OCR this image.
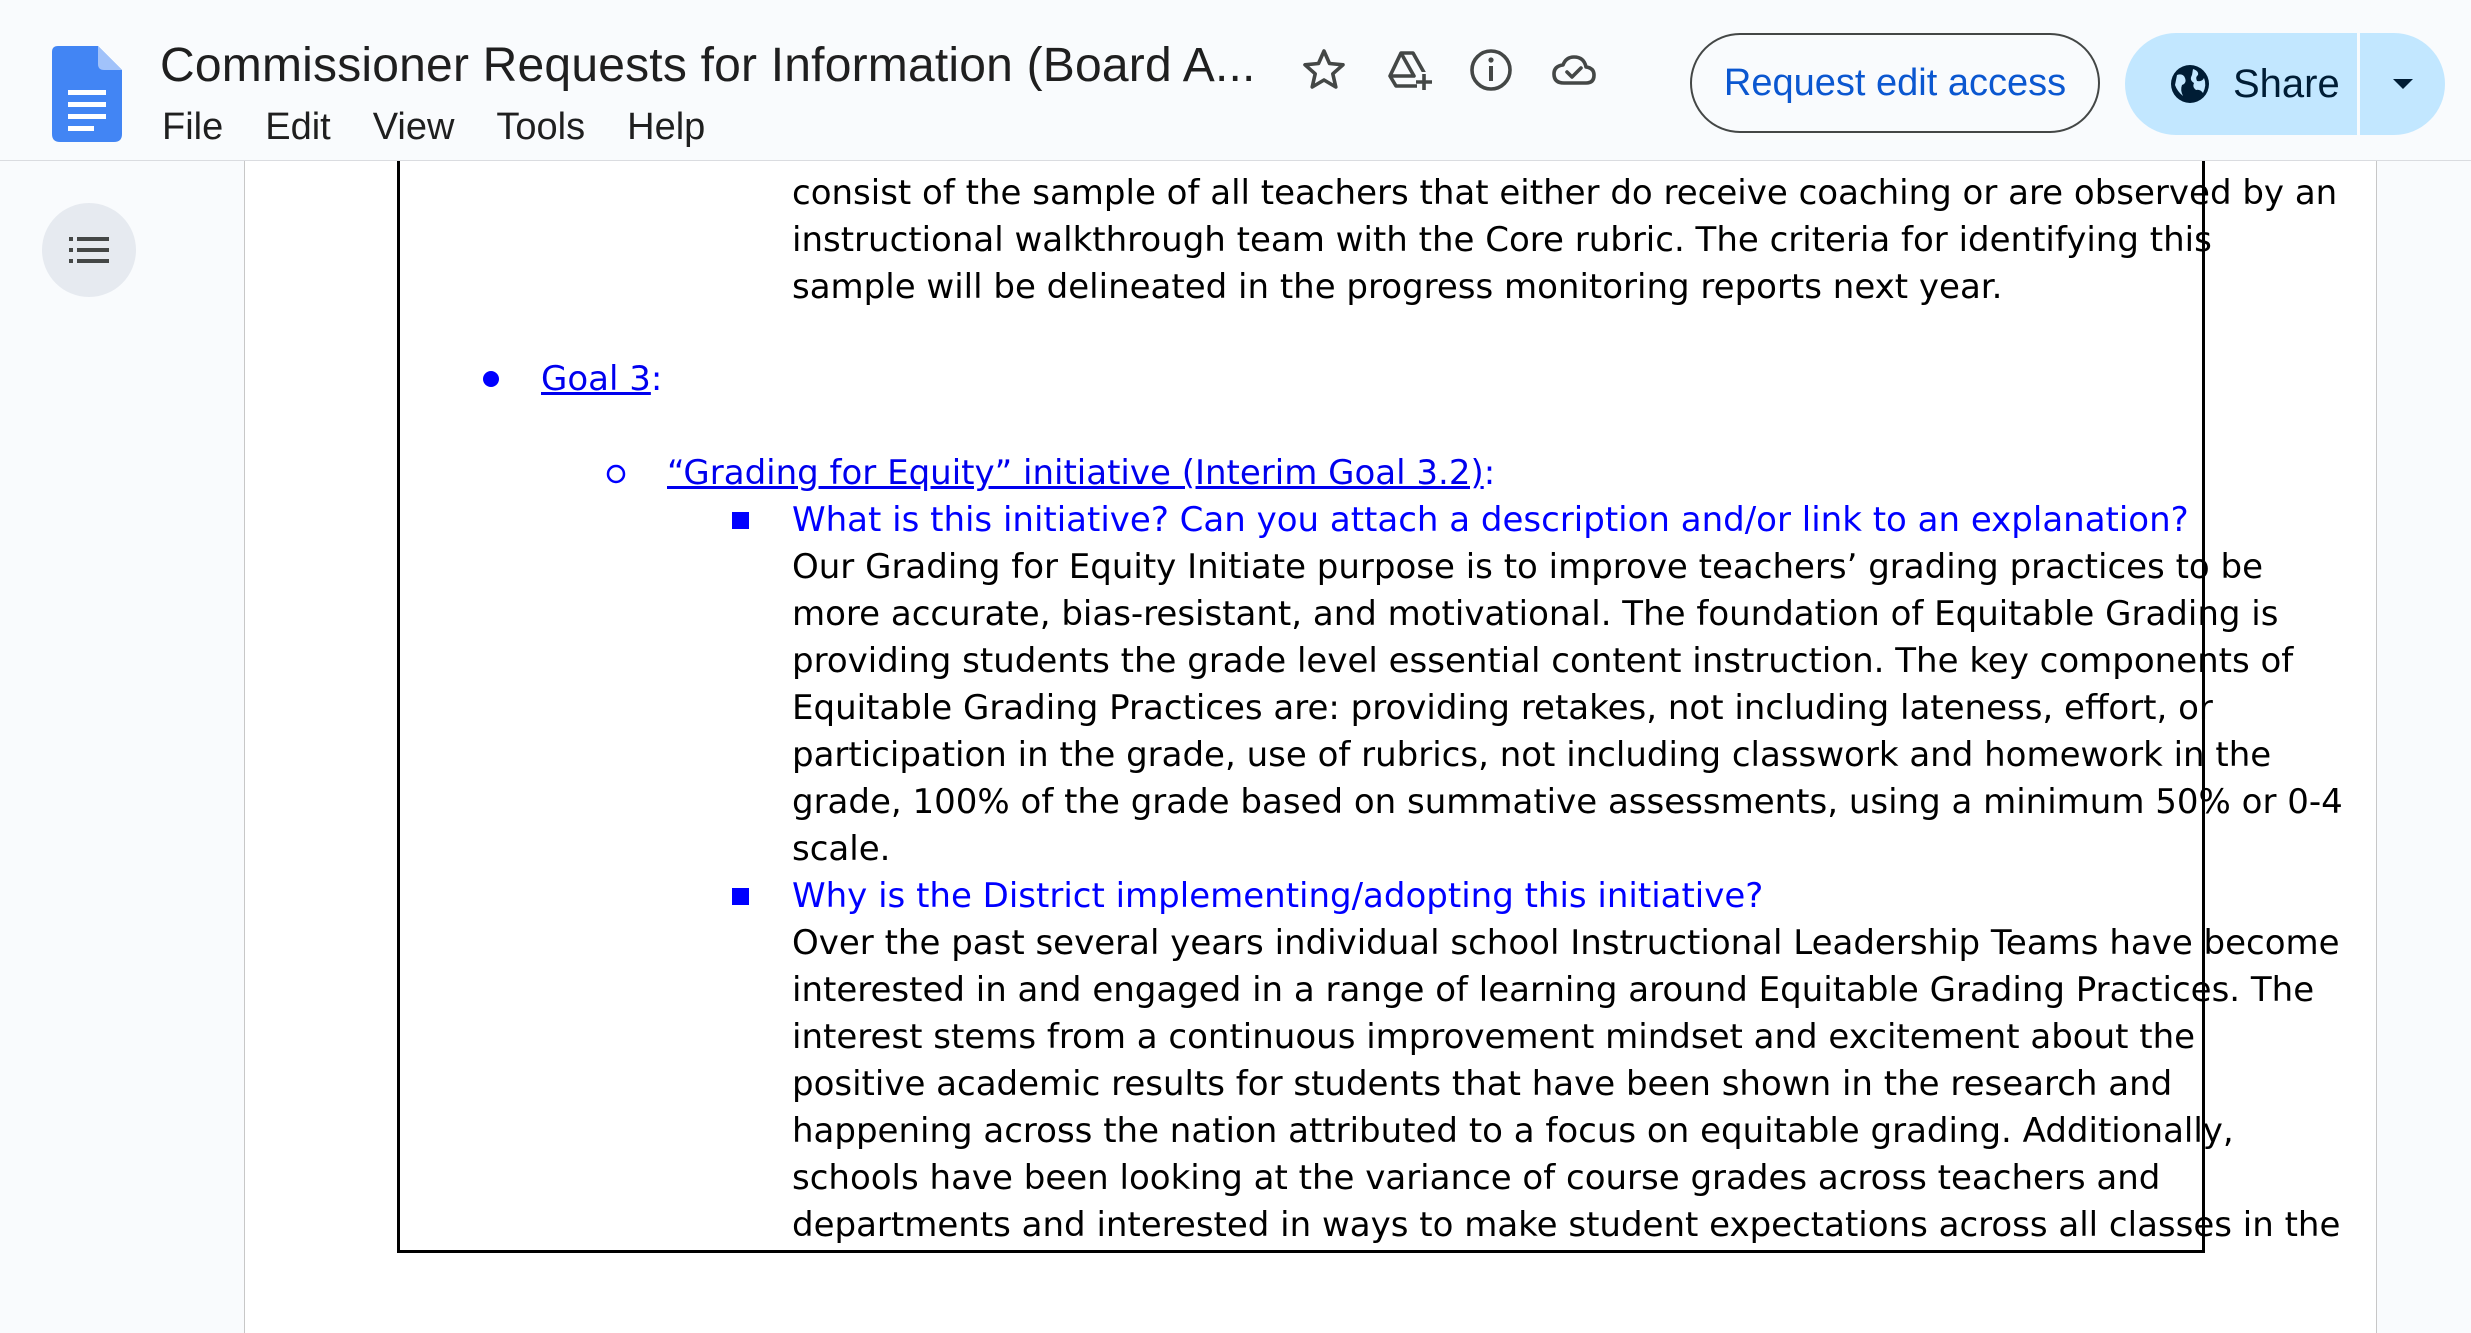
Commissioner Requests for Information (Board A...
File Edit View Tools Help
Request edit access	Share
consist of the sample of all teachers that either do receive coaching or are observed by an
instructional walkthrough team with the Core rubric. The criteria for identifying this
sample will be delineated in the progress monitoring reports next year.
Goal 3:
“Grading for Equity” initiative (Interim Goal 3.2):
What is this initiative? Can you attach a description and/or link to an explanation?
Our Grading for Equity Initiate purpose is to improve teachers’ grading practices to be
more accurate, bias-resistant, and motivational. The foundation of Equitable Grading is
providing students the grade level essential content instruction. The key components of
Equitable Grading Practices are: providing retakes, not including lateness, effort, or
participation in the grade, use of rubrics, not including classwork and homework in the
grade, 100% of the grade based on summative assessments, using a minimum 50% or 0-4
scale.
Why is the District implementing/adopting this initiative?
Over the past several years individual school Instructional Leadership Teams have become
interested in and engaged in a range of learning around Equitable Grading Practices. The
interest stems from a continuous improvement mindset and excitement about the
positive academic results for students that have been shown in the research and
happening across the nation attributed to a focus on equitable grading. Additionally,
schools have been looking at the variance of course grades across teachers and
departments and interested in ways to make student expectations across all classes in the
